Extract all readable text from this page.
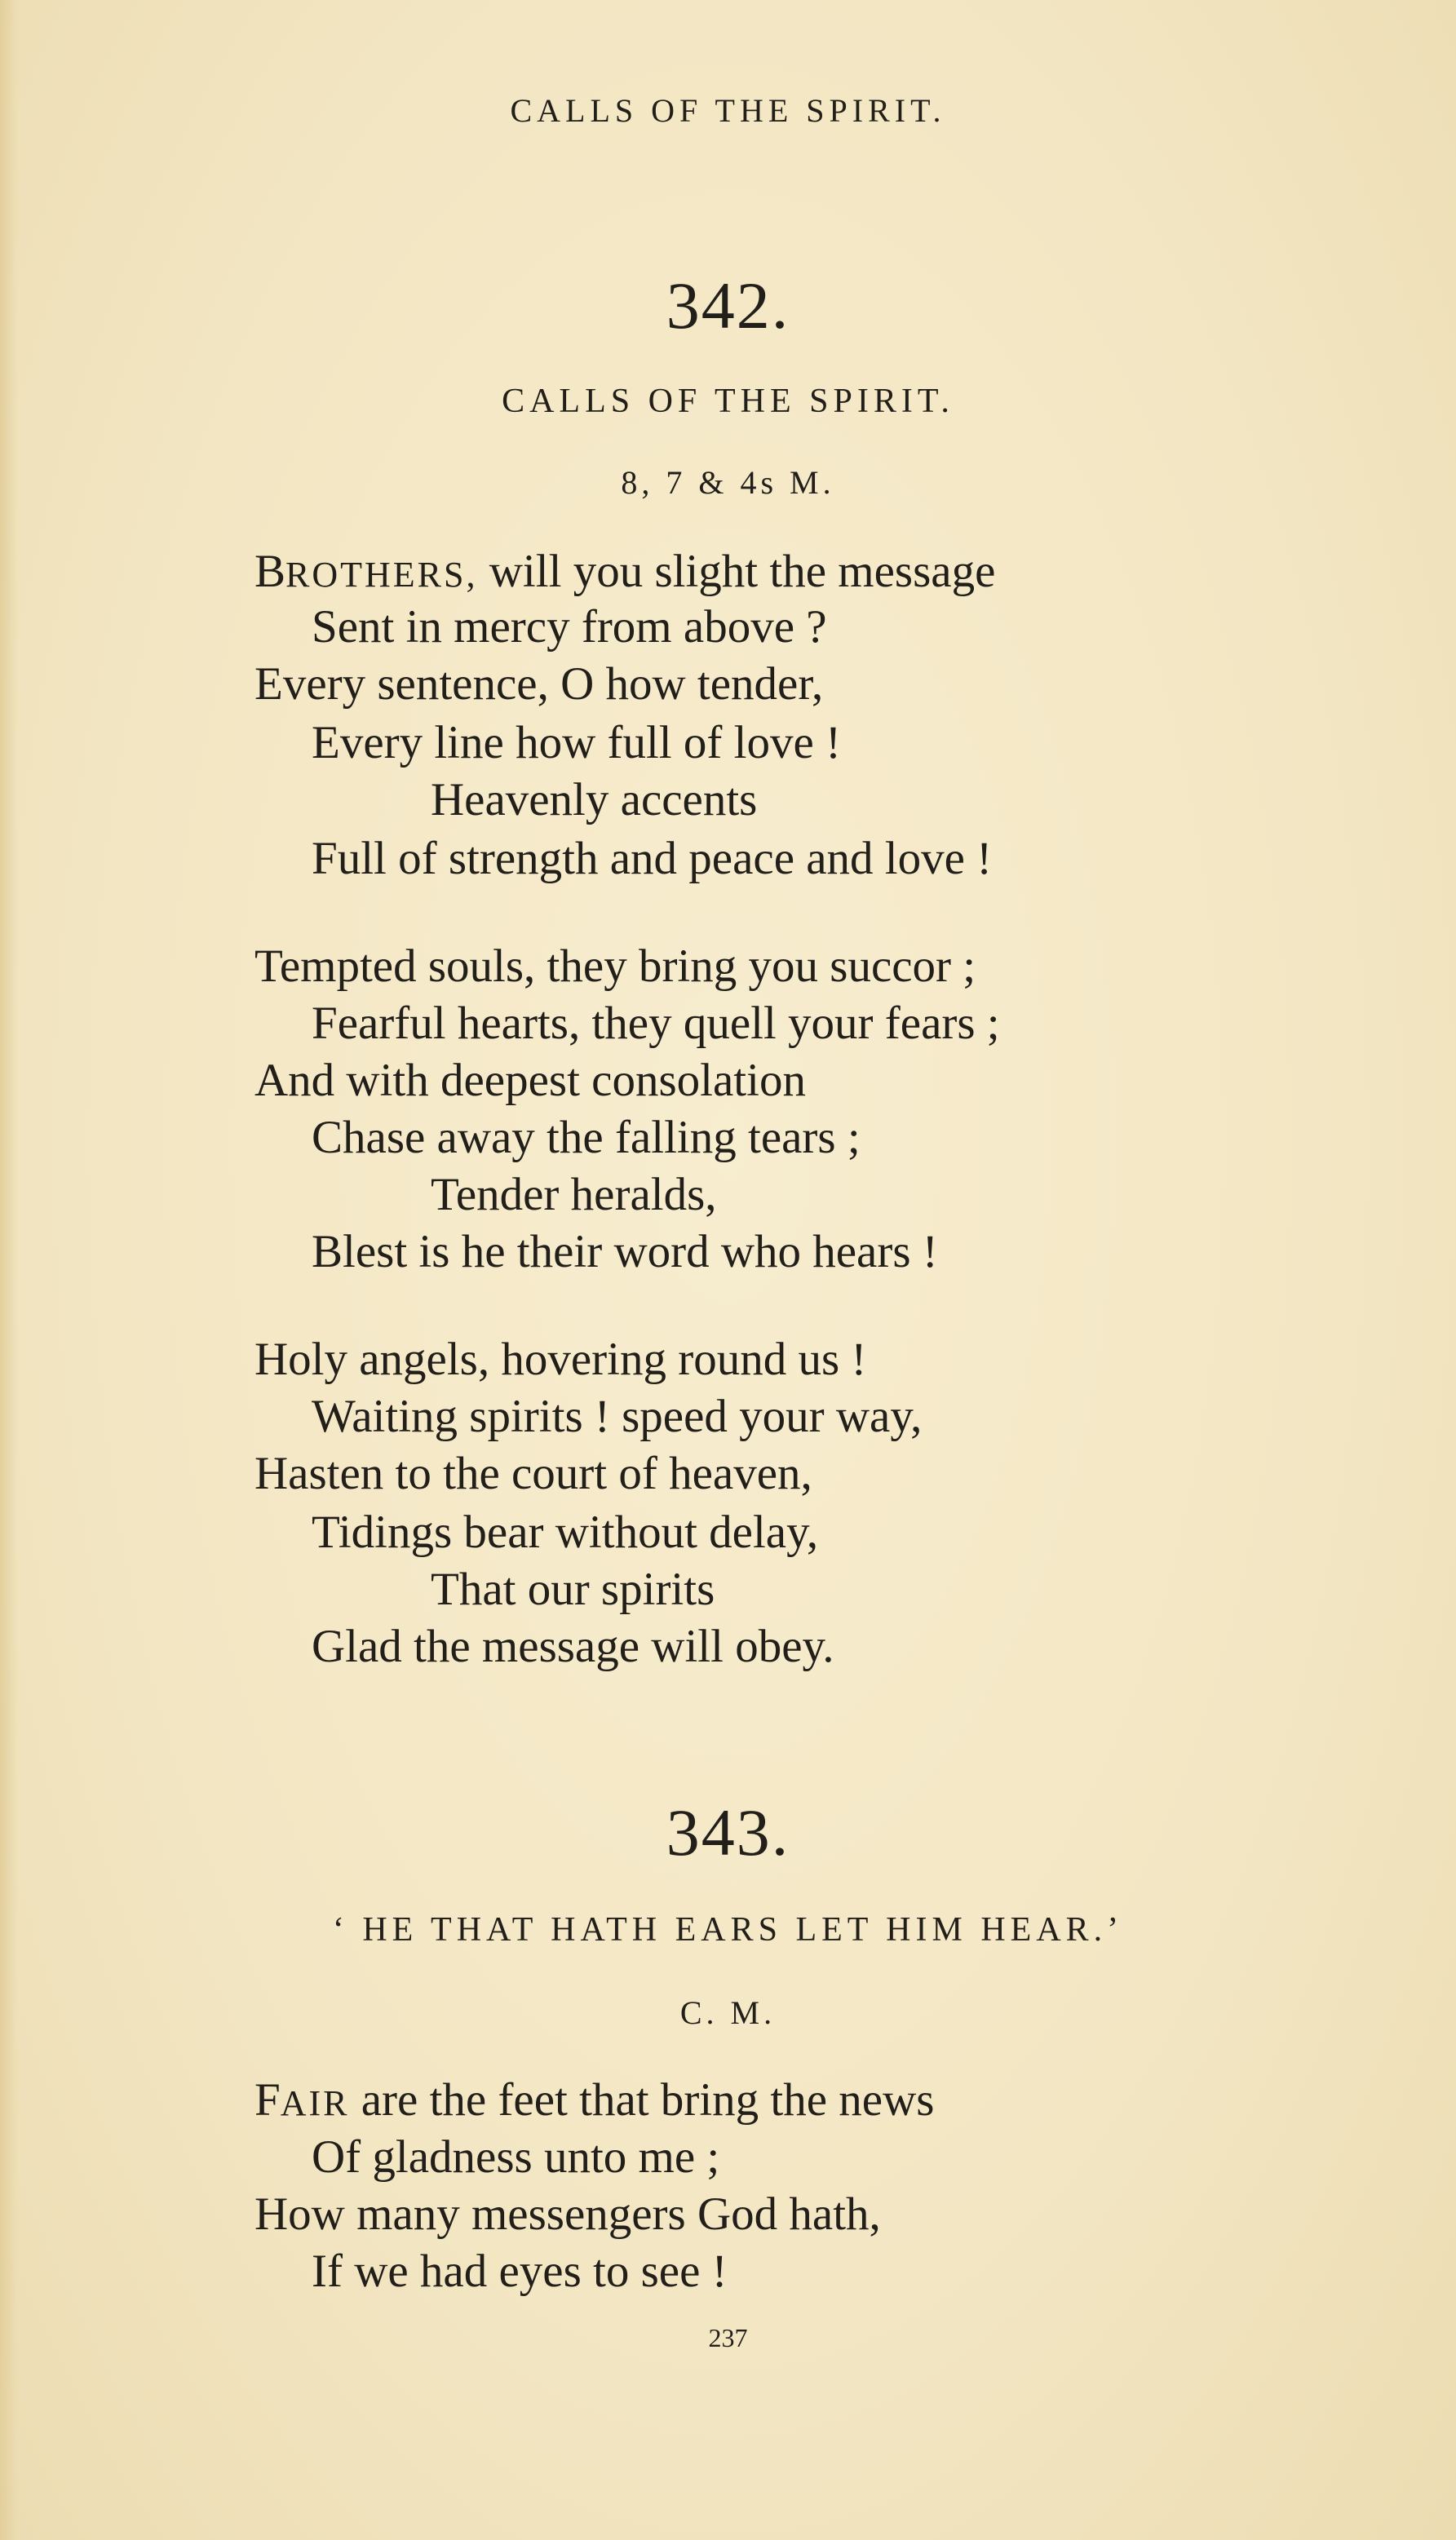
CALLS OF THE SPIRIT.
342.
CALLS OF THE SPIRIT.
8, 7 & 4s M.
BROTHERS, will you slight the message
Sent in mercy from above ?
Every sentence, O how tender,
Every line how full of love !
Heavenly accents
Full of strength and peace and love !
Tempted souls, they bring you succor ;
Fearful hearts, they quell your fears ;
And with deepest consolation
Chase away the falling tears ;
Tender heralds,
Blest is he their word who hears !
Holy angels, hovering round us !
Waiting spirits ! speed your way,
Hasten to the court of heaven,
Tidings bear without delay,
That our spirits
Glad the message will obey.
343.
‘ HE THAT HATH EARS LET HIM HEAR.’
C. M.
FAIR are the feet that bring the news
Of gladness unto me ;
How many messengers God hath,
If we had eyes to see !
237
